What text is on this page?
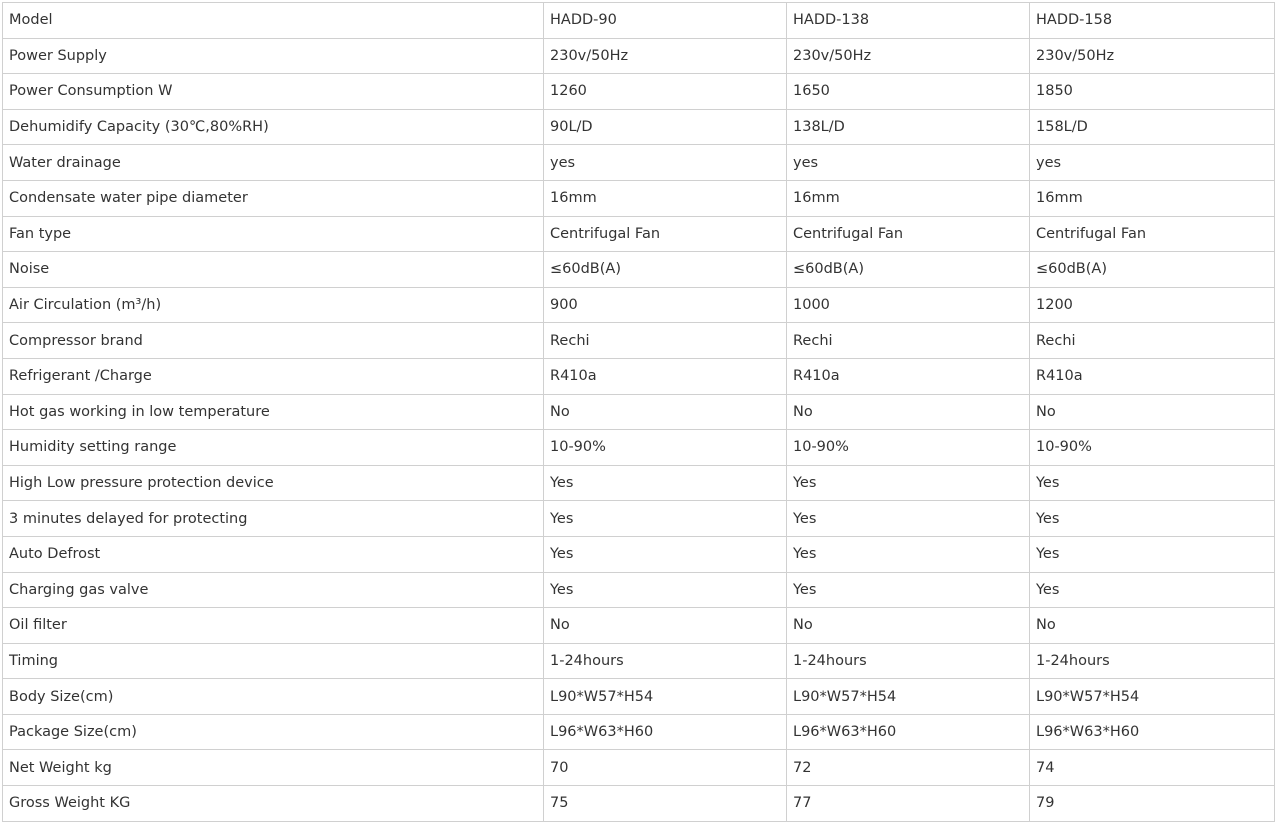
Model	HADD-90	HADD-138	HADD-158
Power Supply	230v/50Hz	230v/50Hz	230v/50Hz
Power Consumption W	1260	1650	1850
Dehumidify Capacity (30℃,80%RH)	90L/D	138L/D	158L/D
Water drainage	yes	yes	yes
Condensate water pipe diameter	16mm	16mm	16mm
Fan type	Centrifugal Fan	Centrifugal Fan	Centrifugal Fan
Noise	≤60dB(A)	≤60dB(A)	≤60dB(A)
Air Circulation (m³/h)	900	1000	1200
Compressor brand	Rechi	Rechi	Rechi
Refrigerant /Charge	R410a	R410a	R410a
Hot gas working in low temperature	No	No	No
Humidity setting range	10-90%	10-90%	10-90%
High Low pressure protection device	Yes	Yes	Yes
3 minutes delayed for protecting	Yes	Yes	Yes
Auto Defrost	Yes	Yes	Yes
Charging gas valve	Yes	Yes	Yes
Oil filter	No	No	No
Timing	1-24hours	1-24hours	1-24hours
Body Size(cm)	L90*W57*H54	L90*W57*H54	L90*W57*H54
Package Size(cm)	L96*W63*H60	L96*W63*H60	L96*W63*H60
Net Weight kg	70	72	74
Gross Weight KG	75	77	79
